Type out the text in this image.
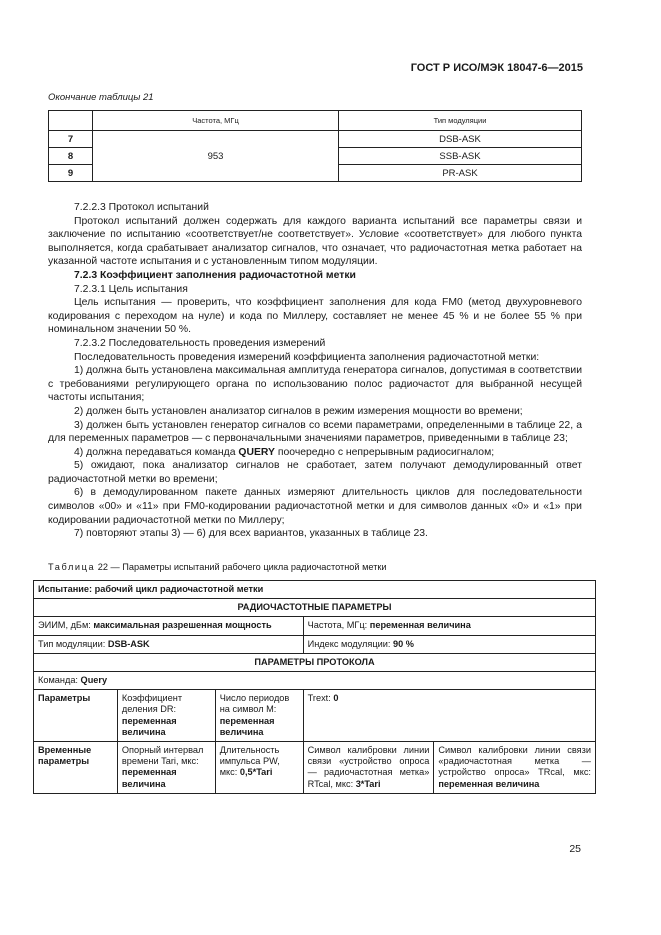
ГОСТ Р ИСО/МЭК 18047-6—2015
Окончание таблицы 21
	Частота, МГц	Тип модуляции
7	953	DSB-ASK
8		SSB-ASK
9		PR-ASK

7.2.2.3 Протокол испытаний

Протокол испытаний должен содержать для каждого варианта испытаний все параметры связи и заключение по испытанию «соответствует/не соответствует». Условие «соответствует» для любого пункта выполняется, когда срабатывает анализатор сигналов, что означает, что радиочастотная метка работает на указанной частоте испытания и с установленным типом модуляции.

7.2.3 Коэффициент заполнения радиочастотной метки

7.2.3.1 Цель испытания

Цель испытания — проверить, что коэффициент заполнения для кода FM0 (метод двухуровневого кодирования с переходом на нуле) и кода по Миллеру, составляет не менее 45 % и не более 55 % при номинальном значении 50 %.

7.2.3.2 Последовательность проведения измерений

Последовательность проведения измерений коэффициента заполнения радиочастотной метки:

1) должна быть установлена максимальная амплитуда генератора сигналов, допустимая в соответствии с требованиями регулирующего органа по использованию полос радиочастот для выбранной несущей частоты испытания;

2) должен быть установлен анализатор сигналов в режим измерения мощности во времени;

3) должен быть установлен генератор сигналов со всеми параметрами, определенными в таблице 22, а для переменных параметров — с первоначальными значениями параметров, приведенными в таблице 23;

4) должна передаваться команда QUERY поочередно с непрерывным радиосигналом;

5) ожидают, пока анализатор сигналов не сработает, затем получают демодулированный ответ радиочастотной метки во времени;

6) в демодулированном пакете данных измеряют длительность циклов для последовательности символов «00» и «11» при FM0-кодировании радиочастотной метки и для символов данных «0» и «1» при кодировании радиочастотной метки по Миллеру;

7) повторяют этапы 3) — 6) для всех вариантов, указанных в таблице 23.

Таблица 22 — Параметры испытаний рабочего цикла радиочастотной метки
Испытание: рабочий цикл радиочастотной метки				
РАДИОЧАСТОТНЫЕ ПАРАМЕТРЫ				
ЭИИМ, дБм: максимальная разрешенная мощность			Частота, МГц: переменная величина	
Тип модуляции: DSB-ASK			Индекс модуляции: 90 %	
ПАРАМЕТРЫ ПРОТОКОЛА				
Команда: Query				
Параметры	Коэффициент деления DR: переменная величина	Число периодов на символ M: переменная величина	Trext: 0	
Временные параметры	Опорный интервал времени Tari, мкс: переменная величина	Длительность импульса PW, мкс: 0,5*Tari	Символ калибровки линии связи «устройство опроса — радиочастотная метка» RTcal, мкс: 3*Tari	Символ калибровки линии связи «радиочастотная метка — устройство опроса» TRcal, мкс: переменная величина
25
